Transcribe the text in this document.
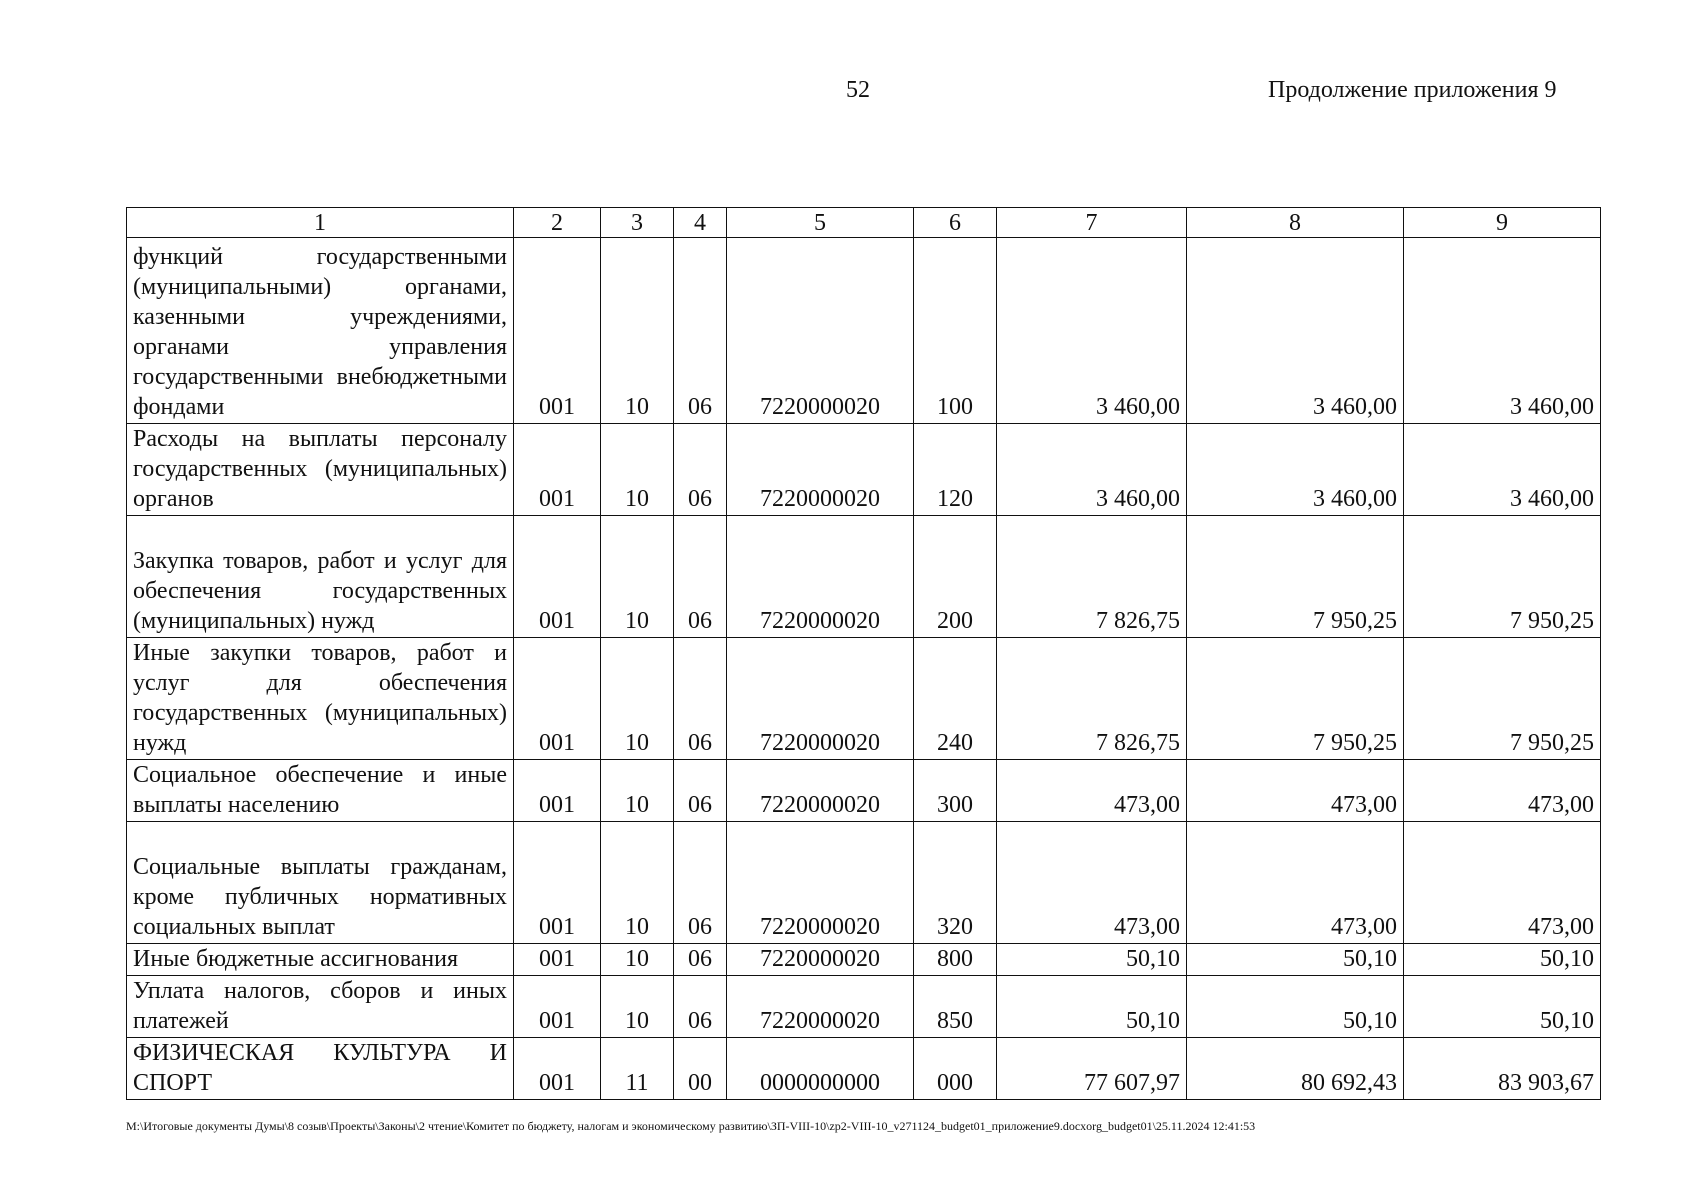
52	Продолжение приложения 9
1	2	3	4	5	6	7	8	9
функций государственными (муниципальными) органами, казенными учреждениями, органами управления государственными внебюджетными фондами	001	10	06	7220000020	100	3 460,00	3 460,00	3 460,00
Расходы на выплаты персоналу государственных (муниципальных) органов	001	10	06	7220000020	120	3 460,00	3 460,00	3 460,00
Закупка товаров, работ и услуг для обеспечения государственных (муниципальных) нужд	001	10	06	7220000020	200	7 826,75	7 950,25	7 950,25
Иные закупки товаров, работ и услуг для обеспечения государственных (муниципальных) нужд	001	10	06	7220000020	240	7 826,75	7 950,25	7 950,25
Социальное обеспечение и иные выплаты населению	001	10	06	7220000020	300	473,00	473,00	473,00
Социальные выплаты гражданам, кроме публичных нормативных социальных выплат	001	10	06	7220000020	320	473,00	473,00	473,00
Иные бюджетные ассигнования	001	10	06	7220000020	800	50,10	50,10	50,10
Уплата налогов, сборов и иных платежей	001	10	06	7220000020	850	50,10	50,10	50,10
ФИЗИЧЕСКАЯ КУЛЬТУРА И СПОРТ	001	11	00	0000000000	000	77 607,97	80 692,43	83 903,67
M:\Итоговые документы Думы\8 созыв\Проекты\Законы\2 чтение\Комитет по бюджету, налогам и экономическому развитию\ЗП-VIII-10\zp2-VIII-10_v271124_budget01_приложение9.docxorg_budget01\25.11.2024 12:41:53
